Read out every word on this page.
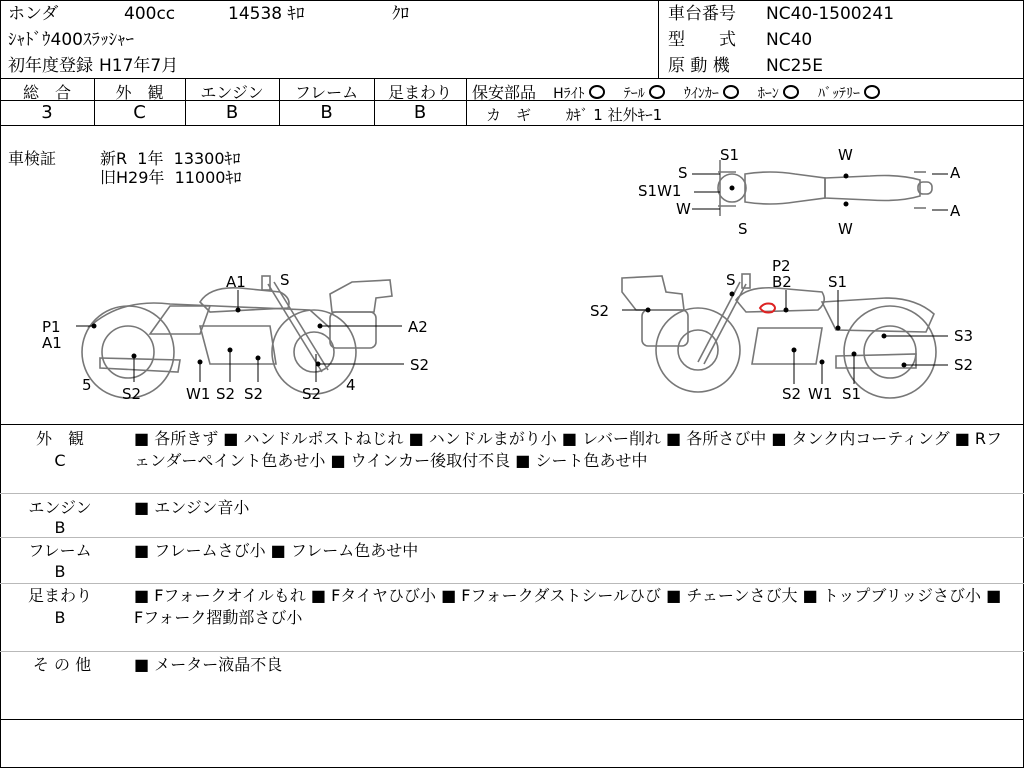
ホンダ	400cc	14538 ｷﾛ	ｸﾛ
ｼｬﾄﾞｳ400ｽﾗｯｼｬｰ
初年度登録 H17年7月
車台番号 NC40-1500241
型　　式 NC40
原 動 機 NC25E
総　合	外　観	エンジン	フレーム	足まわり
3	C	B	B	B
保安部品 Hﾗｲﾄ	ﾃｰﾙ	ｳｲﾝｶｰ	ﾎｰﾝ	ﾊﾞｯﾃﾘｰ
カ　ギ ｶｷﾞ 1 社外ｷｰ1
車検証	新R  1年  13300ｷﾛ
旧H29年  11000ｷﾛ
S1
S
S1W1
W
S
W
W
A
A
A1 S
P1
A1
A2
S2
5 S2	W1 S2 S2	S2 4
S
P2
B2 S1
S2
S3
S2
S2 W1 S1
外　観
C
■ 各所きず ■ ハンドルポストねじれ ■ ハンドルまがり小 ■ レバー削れ ■ 各所さび中 ■ タンク内コーティング ■ Rフェンダーペイント色あせ小 ■ ウインカー後取付不良 ■ シート色あせ中
エンジン
B
■ エンジン音小
フレーム
B
■ フレームさび小 ■ フレーム色あせ中
足まわり
B
■ Fフォークオイルもれ ■ Fタイヤひび小 ■ Fフォークダストシールひび ■ チェーンさび大 ■ トップブリッジさび小 ■ Fフォーク摺動部さび小
そ の 他	■ メーター液晶不良
